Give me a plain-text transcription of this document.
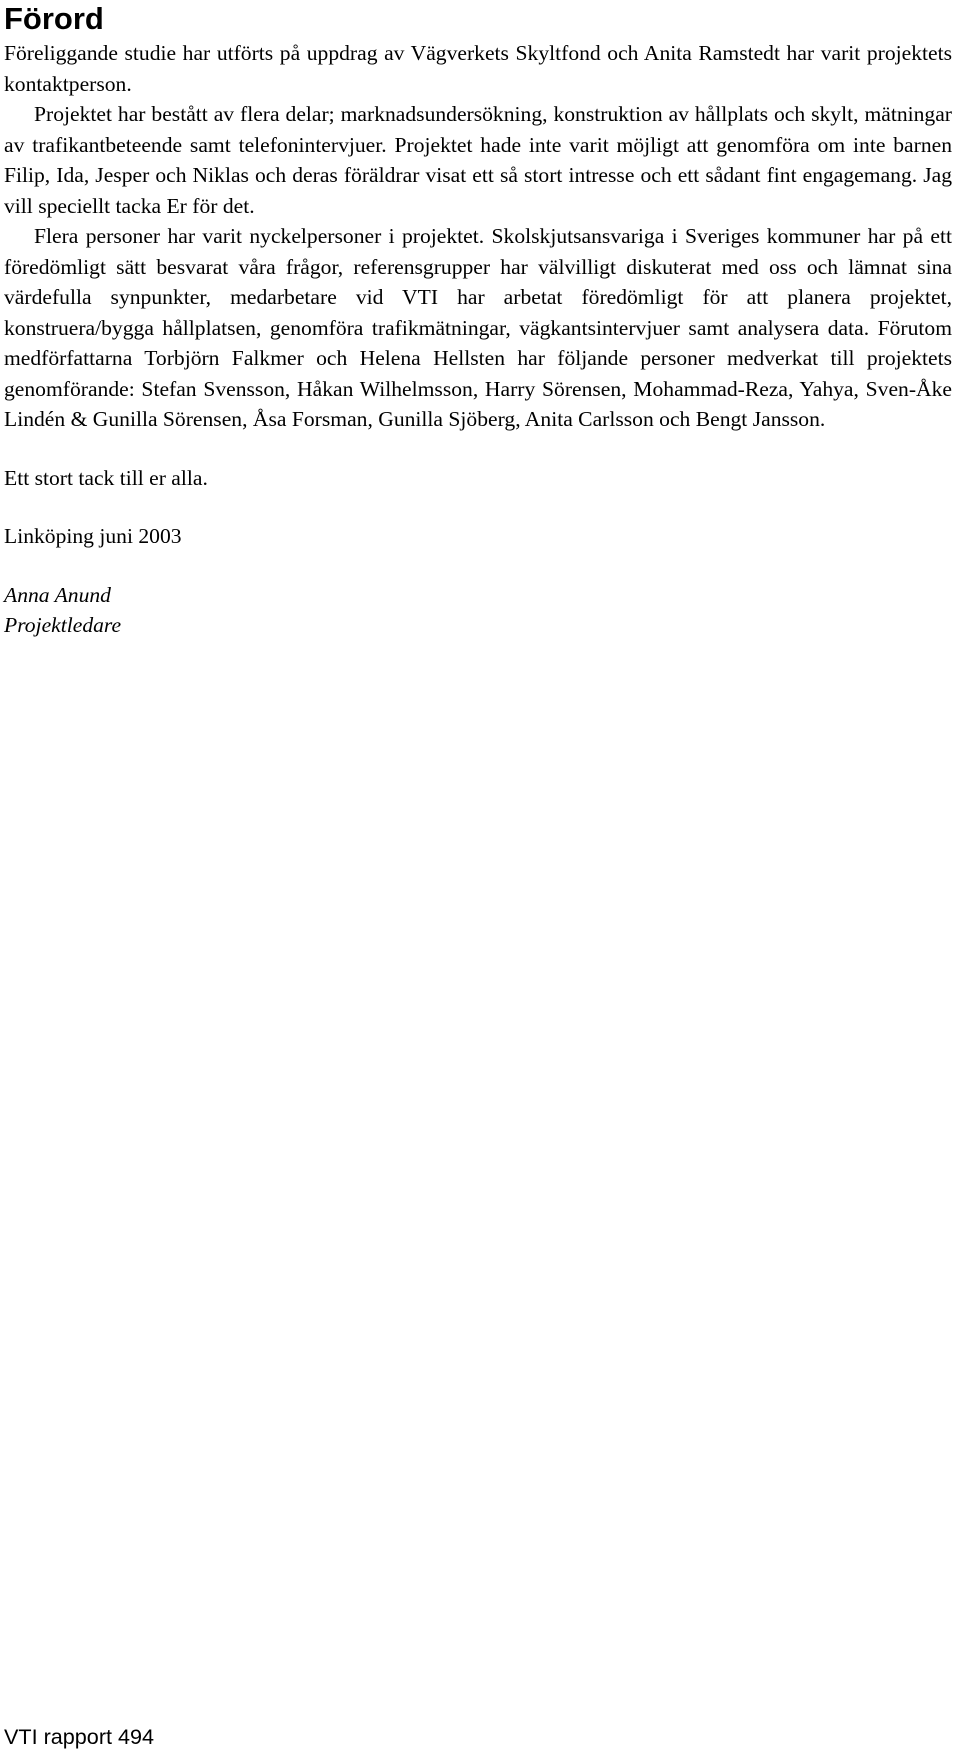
Förord

Föreliggande studie har utförts på uppdrag av Vägverkets Skyltfond och Anita Ramstedt har varit projektets kontaktperson.

Projektet har bestått av flera delar; marknadsundersökning, konstruktion av hållplats och skylt, mätningar av trafikantbeteende samt telefonintervjuer. Projektet hade inte varit möjligt att genomföra om inte barnen Filip, Ida, Jesper och Niklas och deras föräldrar visat ett så stort intresse och ett sådant fint engagemang. Jag vill speciellt tacka Er för det.

Flera personer har varit nyckelpersoner i projektet. Skolskjutsansvariga i Sveriges kommuner har på ett föredömligt sätt besvarat våra frågor, referensgrupper har välvilligt diskuterat med oss och lämnat sina värdefulla synpunkter, medarbetare vid VTI har arbetat föredömligt för att planera projektet, konstruera/bygga hållplatsen, genomföra trafikmätningar, vägkantsintervjuer samt analysera data. Förutom medförfattarna Torbjörn Falkmer och Helena Hellsten har följande personer medverkat till projektets genomförande: Stefan Svensson, Håkan Wilhelmsson, Harry Sörensen, Mohammad-Reza, Yahya, Sven-Åke Lindén & Gunilla Sörensen, Åsa Forsman, Gunilla Sjöberg, Anita Carlsson och Bengt Jansson.

Ett stort tack till er alla.

Linköping juni 2003

Anna Anund

Projektledare

VTI rapport 494
